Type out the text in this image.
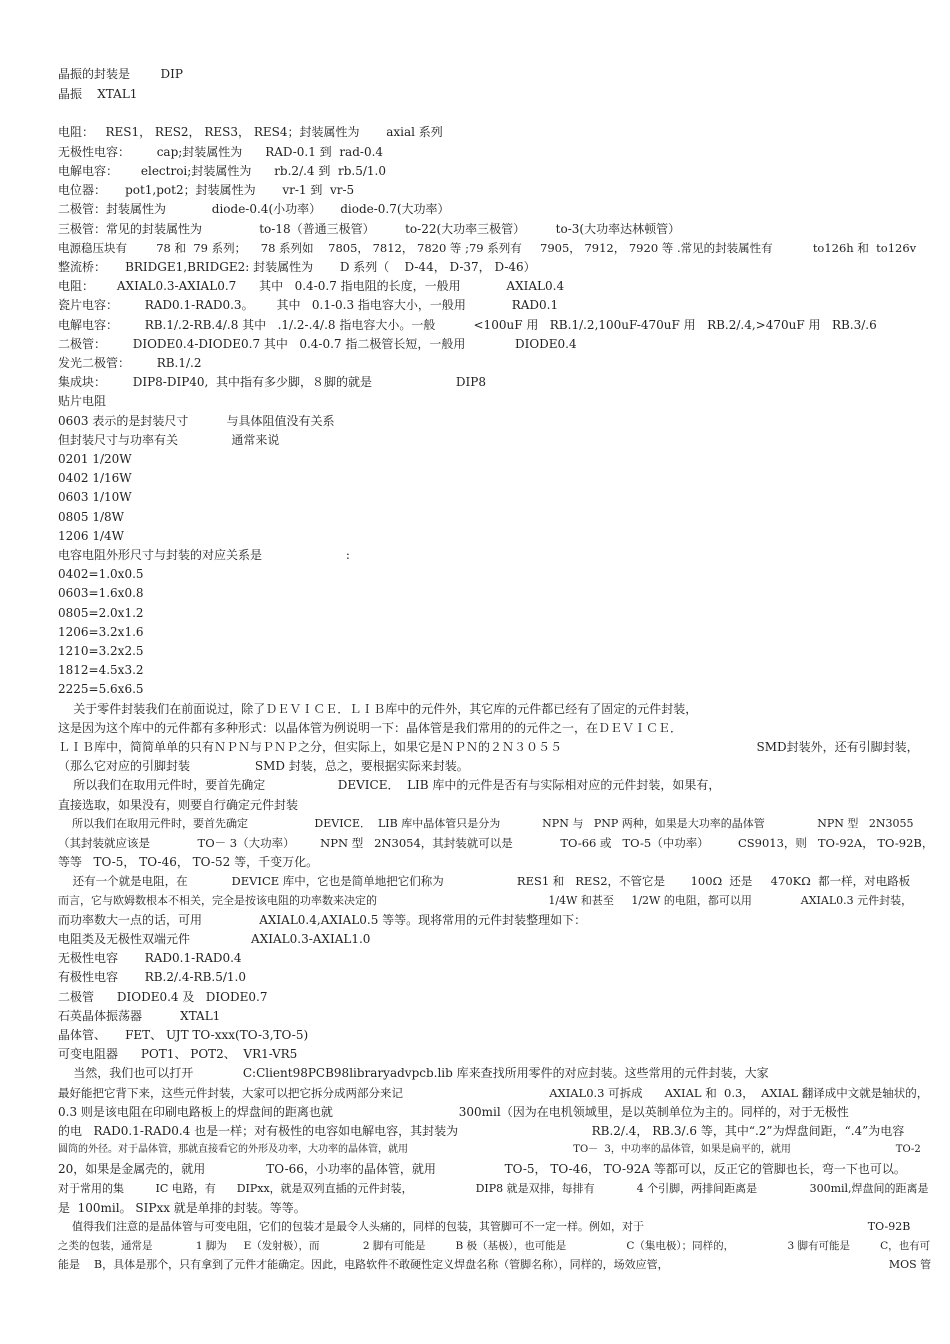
晶振的封装是        DIP
晶振    XTAL1
电阻：   RES1， RES2， RES3， RES4；封装属性为       axial 系列
无极性电容：       cap;封装属性为      RAD-0.1 到  rad-0.4
电解电容：      electroi;封装属性为      rb.2/.4 到  rb.5/1.0
电位器：     pot1,pot2；封装属性为       vr-1 到  vr-5
二极管：封装属性为            diode-0.4(小功率）     diode-0.7(大功率）
三极管：常见的封装属性为               to-18（普通三极管）        to-22(大功率三极管）        to-3(大功率达林顿管）
电源稳压块有        78 和  79 系列；    78 系列如    7805， 7812， 7820 等 ;79 系列有     7905， 7912， 7920 等 .常见的封装属性有           to126h 和  to126v
整流桥：     BRIDGE1,BRIDGE2: 封装属性为       D 系列（    D-44， D-37， D-46）
电阻：      AXIAL0.3-AXIAL0.7      其中   0.4-0.7 指电阻的长度，一般用            AXIAL0.4
瓷片电容：       RAD0.1-RAD0.3。      其中   0.1-0.3 指电容大小，一般用            RAD0.1
电解电容：       RB.1/.2-RB.4/.8 其中   .1/.2-.4/.8 指电容大小。一般          <100uF 用   RB.1/.2,100uF-470uF 用   RB.2/.4,>470uF 用   RB.3/.6
二极管：       DIODE0.4-DIODE0.7 其中   0.4-0.7 指二极管长短，一般用             DIODE0.4
发光二极管：       RB.1/.2
集成块：       DIP8-DIP40,  其中指有多少脚，８脚的就是                      DIP8
贴片电阻
0603 表示的是封装尺寸          与具体阻值没有关系
但封装尺寸与功率有关              通常来说
0201 1/20W
0402 1/16W
0603 1/10W
0805 1/8W
1206 1/4W
电容电阻外形尺寸与封装的对应关系是                      :
0402=1.0x0.5
0603=1.6x0.8
0805=2.0x1.2
1206=3.2x1.6
1210=3.2x2.5
1812=4.5x3.2
2225=5.6x6.5
关于零件封装我们在前面说过，除了ＤＥＶＩＣＥ．ＬＩＢ库中的元件外，其它库的元件都已经有了固定的元件封装，
这是因为这个库中的元件都有多种形式：以晶体管为例说明一下：晶体管是我们常用的的元件之一，在ＤＥＶＩＣＥ．
ＬＩＢ库中，简简单单的只有ＮＰＮ与ＰＮＰ之分，但实际上，如果它是ＮＰＮ的２Ｎ３０５５                                                   SMD封装外，还有引脚封装，
（那么它对应的引脚封装                 SMD 封装，总之，要根据实际来封装。
所以我们在取用元件时，要首先确定                   DEVICE．  LIB 库中的元件是否有与实际相对应的元件封装，如果有，
直接选取，如果没有，则要自行确定元件封装
所以我们在取用元件时，要首先确定                   DEVICE．  LIB 库中晶体管只是分为            NPN 与   PNP 两种，如果是大功率的晶体管               NPN 型   2N3055
（其封装就应该是             TO－ 3（大功率）       NPN 型   2N3054，其封装就可以是             TO-66 或   TO-5（中功率）        CS9013，则   TO-92A， TO-92B，
等等   TO-5， TO-46， TO-52 等，千变万化。
还有一个就是电阻，在            DEVICE 库中，它也是简单地把它们称为                    RES1 和   RES2，不管它是       100Ω  还是     470KΩ  都一样，对电路板
而言，它与欧姆数根本不相关，完全是按该电阻的功率数来决定的                                                 1/4W 和甚至     1/2W 的电阻，都可以用              AXIAL0.3 元件封装，
而功率数大一点的话，可用               AXIAL0.4,AXIAL0.5 等等。现将常用的元件封装整理如下：
电阻类及无极性双端元件                AXIAL0.3-AXIAL1.0
无极性电容       RAD0.1-RAD0.4
有极性电容       RB.2/.4-RB.5/1.0
二极管      DIODE0.4 及   DIODE0.7
石英晶体振荡器          XTAL1
晶体管、     FET、 UJT TO-xxx(TO-3,TO-5)
可变电阻器      POT1、 POT2、  VR1-VR5
当然，我们也可以打开             C:Client98PCB98libraryadvpcb.lib 库来查找所用零件的对应封装。这些常用的元件封装，大家
最好能把它背下来，这些元件封装，大家可以把它拆分成两部分来记                                        AXIAL0.3 可拆成      AXIAL 和  0.3，  AXIAL 翻译成中文就是轴状的，
0.3 则是该电阻在印刷电路板上的焊盘间的距离也就                                 300mil（因为在电机领域里，是以英制单位为主的。同样的，对于无极性
的电   RAD0.1-RAD0.4 也是一样；对有极性的电容如电解电容，其封装为                                   RB.2/.4， RB.3/.6 等，其中“.2”为焊盘间距，“.4”为电容
圆筒的外径。对于晶体管，那就直接看它的外形及功率，大功率的晶体管，就用                                                    TO－  3，中功率的晶体管，如果是扁平的，就用                                 TO-2
20，如果是金属壳的，就用                TO-66，小功率的晶体管，就用                  TO-5， TO-46， TO-92A 等都可以，反正它的管脚也长，弯一下也可以。
对于常用的集         IC 电路，有      DIPxx，就是双列直插的元件封装，                  DIP8 就是双排，每排有            4 个引脚，两排间距离是               300mil,焊盘间的距离是
是  100mil。 SIPxx 就是单排的封装。等等。
值得我们注意的是晶体管与可变电阻，它们的包装才是最令人头痛的，同样的包装，其管脚可不一定一样。例如，对于                                                                TO-92B
之类的包装，通常是             1 脚为     E（发射极），而             2 脚有可能是         B 极（基极），也可能是                  C（集电极）；同样的，                3 脚有可能是         C，也有可
能是    B，具体是那个，只有拿到了元件才能确定。因此，电路软件不敢硬性定义焊盘名称（管脚名称），同样的，场效应管，                                                               MOS 管
